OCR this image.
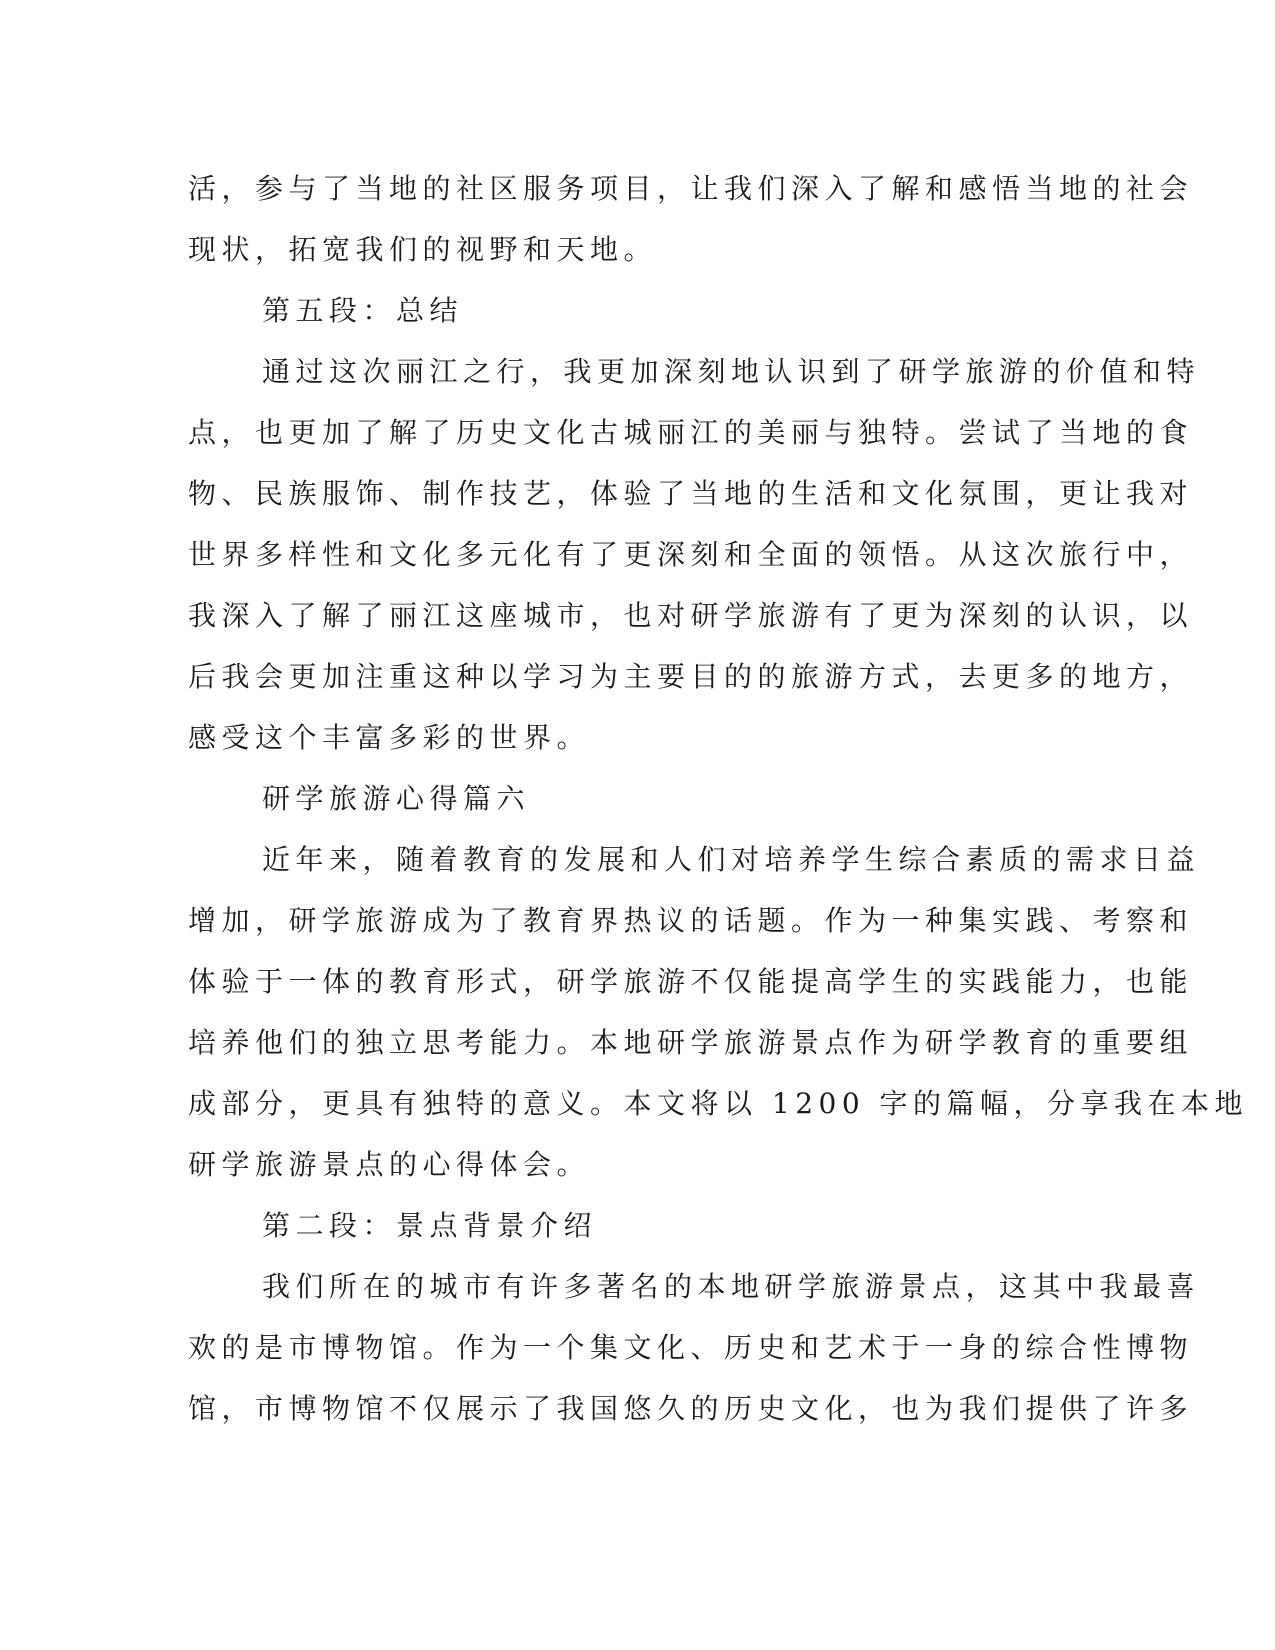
活，参与了当地的社区服务项目，让我们深入了解和感悟当地的社会
现状，拓宽我们的视野和天地。
第五段：总结
通过这次丽江之行，我更加深刻地认识到了研学旅游的价值和特
点，也更加了解了历史文化古城丽江的美丽与独特。尝试了当地的食
物、民族服饰、制作技艺，体验了当地的生活和文化氛围，更让我对
世界多样性和文化多元化有了更深刻和全面的领悟。从这次旅行中，
我深入了解了丽江这座城市，也对研学旅游有了更为深刻的认识，以
后我会更加注重这种以学习为主要目的的旅游方式，去更多的地方，
感受这个丰富多彩的世界。
研学旅游心得篇六
近年来，随着教育的发展和人们对培养学生综合素质的需求日益
增加，研学旅游成为了教育界热议的话题。作为一种集实践、考察和
体验于一体的教育形式，研学旅游不仅能提高学生的实践能力，也能
培养他们的独立思考能力。本地研学旅游景点作为研学教育的重要组
成部分，更具有独特的意义。本文将以 1200 字的篇幅，分享我在本地
研学旅游景点的心得体会。
第二段：景点背景介绍
我们所在的城市有许多著名的本地研学旅游景点，这其中我最喜
欢的是市博物馆。作为一个集文化、历史和艺术于一身的综合性博物
馆，市博物馆不仅展示了我国悠久的历史文化，也为我们提供了许多
